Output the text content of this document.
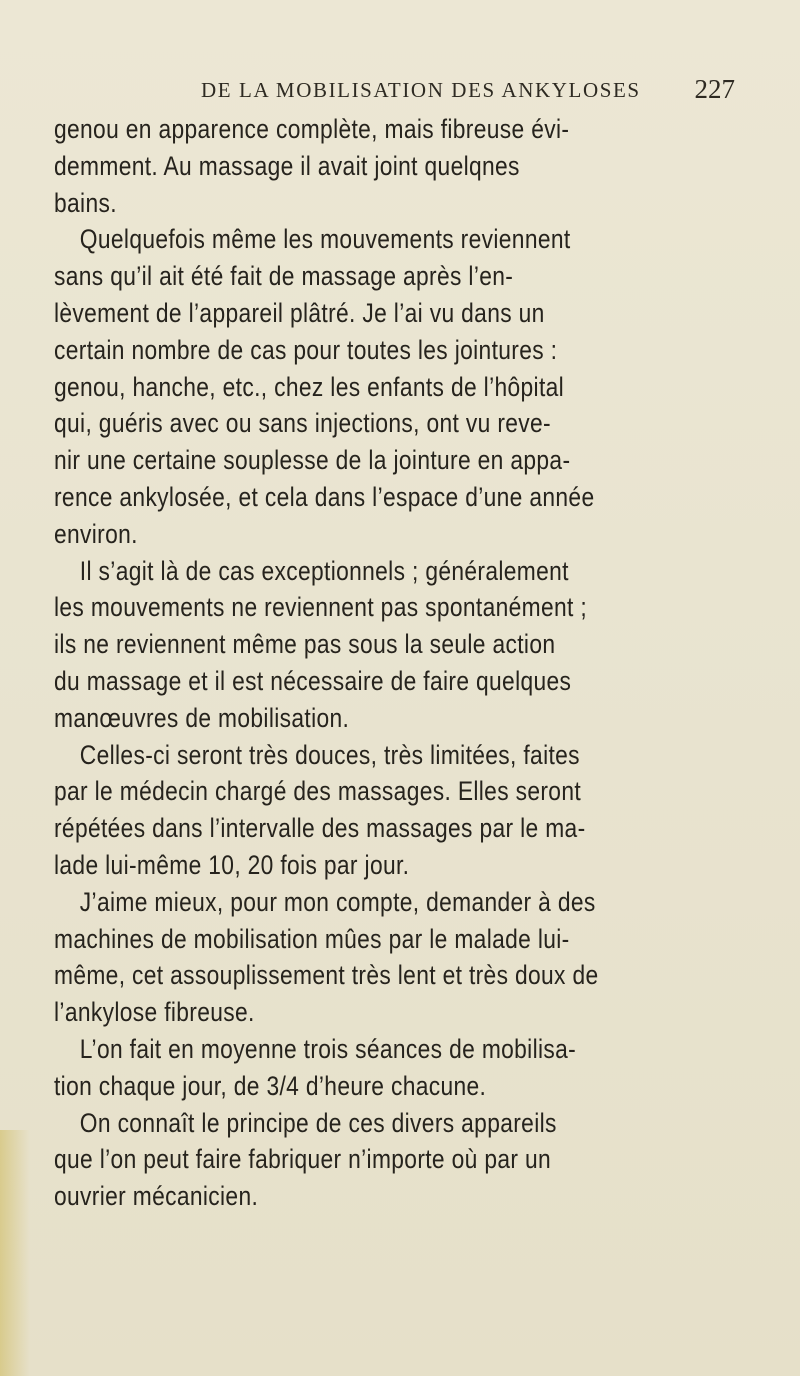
DE LA MOBILISATION DES ANKYLOSES 227
genou en apparence complète, mais fibreuse évi-
demment. Au massage il avait joint quelqnes
bains.
Quelquefois même les mouvements reviennent
sans qu’il ait été fait de massage après l’en-
lèvement de l’appareil plâtré. Je l’ai vu dans un
certain nombre de cas pour toutes les jointures :
genou, hanche, etc., chez les enfants de l’hôpital
qui, guéris avec ou sans injections, ont vu reve-
nir une certaine souplesse de la jointure en appa-
rence ankylosée, et cela dans l’espace d’une année
environ.
Il s’agit là de cas exceptionnels ; généralement
les mouvements ne reviennent pas spontanément ;
ils ne reviennent même pas sous la seule action
du massage et il est nécessaire de faire quelques
manœuvres de mobilisation.
Celles-ci seront très douces, très limitées, faites
par le médecin chargé des massages. Elles seront
répétées dans l’intervalle des massages par le ma-
lade lui-même 10, 20 fois par jour.
J’aime mieux, pour mon compte, demander à des
machines de mobilisation mûes par le malade lui-
même, cet assouplissement très lent et très doux de
l’ankylose fibreuse.
L’on fait en moyenne trois séances de mobilisa-
tion chaque jour, de 3/4 d’heure chacune.
On connaît le principe de ces divers appareils
que l’on peut faire fabriquer n’importe où par un
ouvrier mécanicien.
